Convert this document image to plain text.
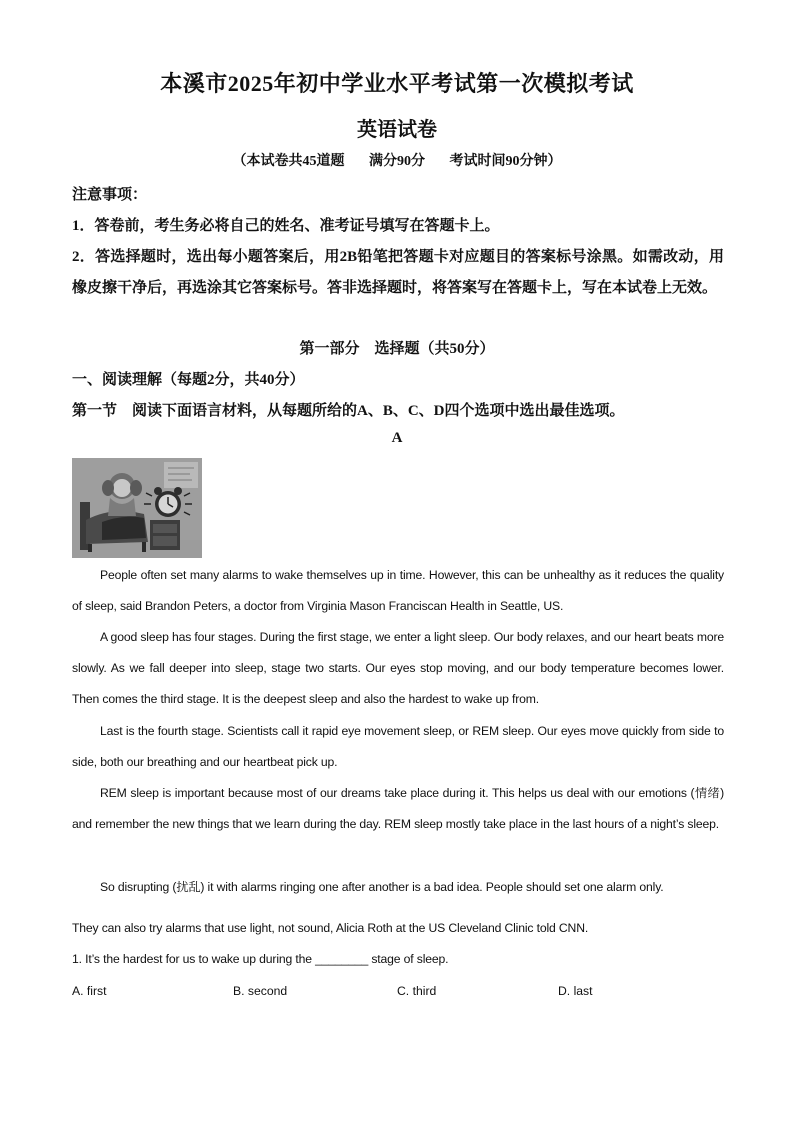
本溪市2025年初中学业水平考试第一次模拟考试
英语试卷
（本试卷共45道题 满分90分 考试时间90分钟）
注意事项：
1．答卷前，考生务必将自己的姓名、准考证号填写在答题卡上。
2．答选择题时，选出每小题答案后，用2B铅笔把答题卡对应题目的答案标号涂黑。如需改动，用橡皮擦干净后，再选涂其它答案标号。答非选择题时，将答案写在答题卡上，写在本试卷上无效。
第一部分　选择题（共50分）
一、阅读理解（每题2分，共40分）
第一节　阅读下面语言材料，从每题所给的A、B、C、D四个选项中选出最佳选项。
A
People often set many alarms to wake themselves up in time. However, this can be unhealthy as it reduces the quality of sleep, said Brandon Peters, a doctor from Virginia Mason Franciscan Health in Seattle, US.
A good sleep has four stages. During the first stage, we enter a light sleep. Our body relaxes, and our heart beats more slowly. As we fall deeper into sleep, stage two starts. Our eyes stop moving, and our body temperature becomes lower. Then comes the third stage. It is the deepest sleep and also the hardest to wake up from.
Last is the fourth stage. Scientists call it rapid eye movement sleep, or REM sleep. Our eyes move quickly from side to side, both our breathing and our heartbeat pick up.
REM sleep is important because most of our dreams take place during it. This helps us deal with our emotions (情绪) and remember the new things that we learn during the day. REM sleep mostly take place in the last hours of a night’s sleep.
So disrupting (扰乱) it with alarms ringing one after another is a bad idea. People should set one alarm only.
They can also try alarms that use light, not sound, Alicia Roth at the US Cleveland Clinic told CNN.
1. It’s the hardest for us to wake up during the ________ stage of sleep.
A. first	B. second	C. third	D. last
